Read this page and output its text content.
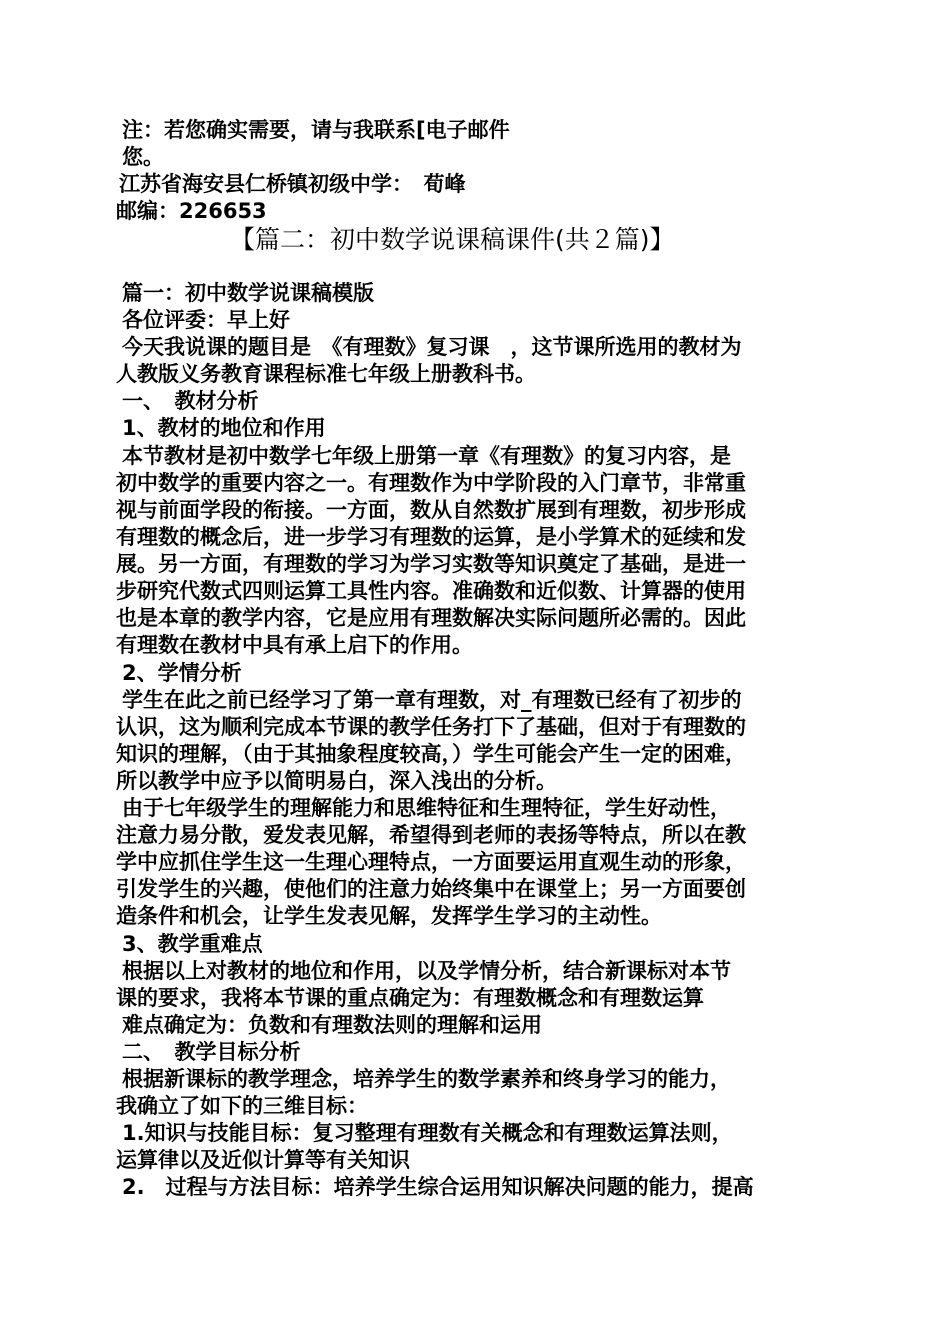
注：若您确实需要，请与我联系[电子邮件
您。
江苏省海安县仁桥镇初级中学：　荀峰
邮编：226653
【篇二：初中数学说课稿课件(共２篇)】
篇一：初中数学说课稿模版
各位评委：早上好
今天我说课的题目是　《有理数》复习课　，这节课所选用的教材为
人教版义务教育课程标准七年级上册教科书。
一、　教材分析
1、教材的地位和作用
本节教材是初中数学七年级上册第一章《有理数》的复习内容，是
初中数学的重要内容之一。有理数作为中学阶段的入门章节，非常重
视与前面学段的衔接。一方面，数从自然数扩展到有理数，初步形成
有理数的概念后，进一步学习有理数的运算，是小学算术的延续和发
展。另一方面，有理数的学习为学习实数等知识奠定了基础，是进一
步研究代数式四则运算工具性内容。准确数和近似数、计算器的使用
也是本章的教学内容，它是应用有理数解决实际问题所必需的。因此
有理数在教材中具有承上启下的作用。
2、学情分析
学生在此之前已经学习了第一章有理数，对_有理数已经有了初步的
认识，这为顺利完成本节课的教学任务打下了基础，但对于有理数的
知识的理解，（由于其抽象程度较高，）学生可能会产生一定的困难，
所以教学中应予以简明易白，深入浅出的分析。
由于七年级学生的理解能力和思维特征和生理特征，学生好动性，
注意力易分散，爱发表见解，希望得到老师的表扬等特点，所以在教
学中应抓住学生这一生理心理特点，一方面要运用直观生动的形象，
引发学生的兴趣，使他们的注意力始终集中在课堂上；另一方面要创
造条件和机会，让学生发表见解，发挥学生学习的主动性。
3、教学重难点
根据以上对教材的地位和作用，以及学情分析，结合新课标对本节
课的要求，我将本节课的重点确定为：有理数概念和有理数运算
难点确定为：负数和有理数法则的理解和运用
二、　教学目标分析
根据新课标的教学理念，培养学生的数学素养和终身学习的能力，
我确立了如下的三维目标：
1.知识与技能目标：复习整理有理数有关概念和有理数运算法则，
运算律以及近似计算等有关知识
2.　过程与方法目标：培养学生综合运用知识解决问题的能力，提高
